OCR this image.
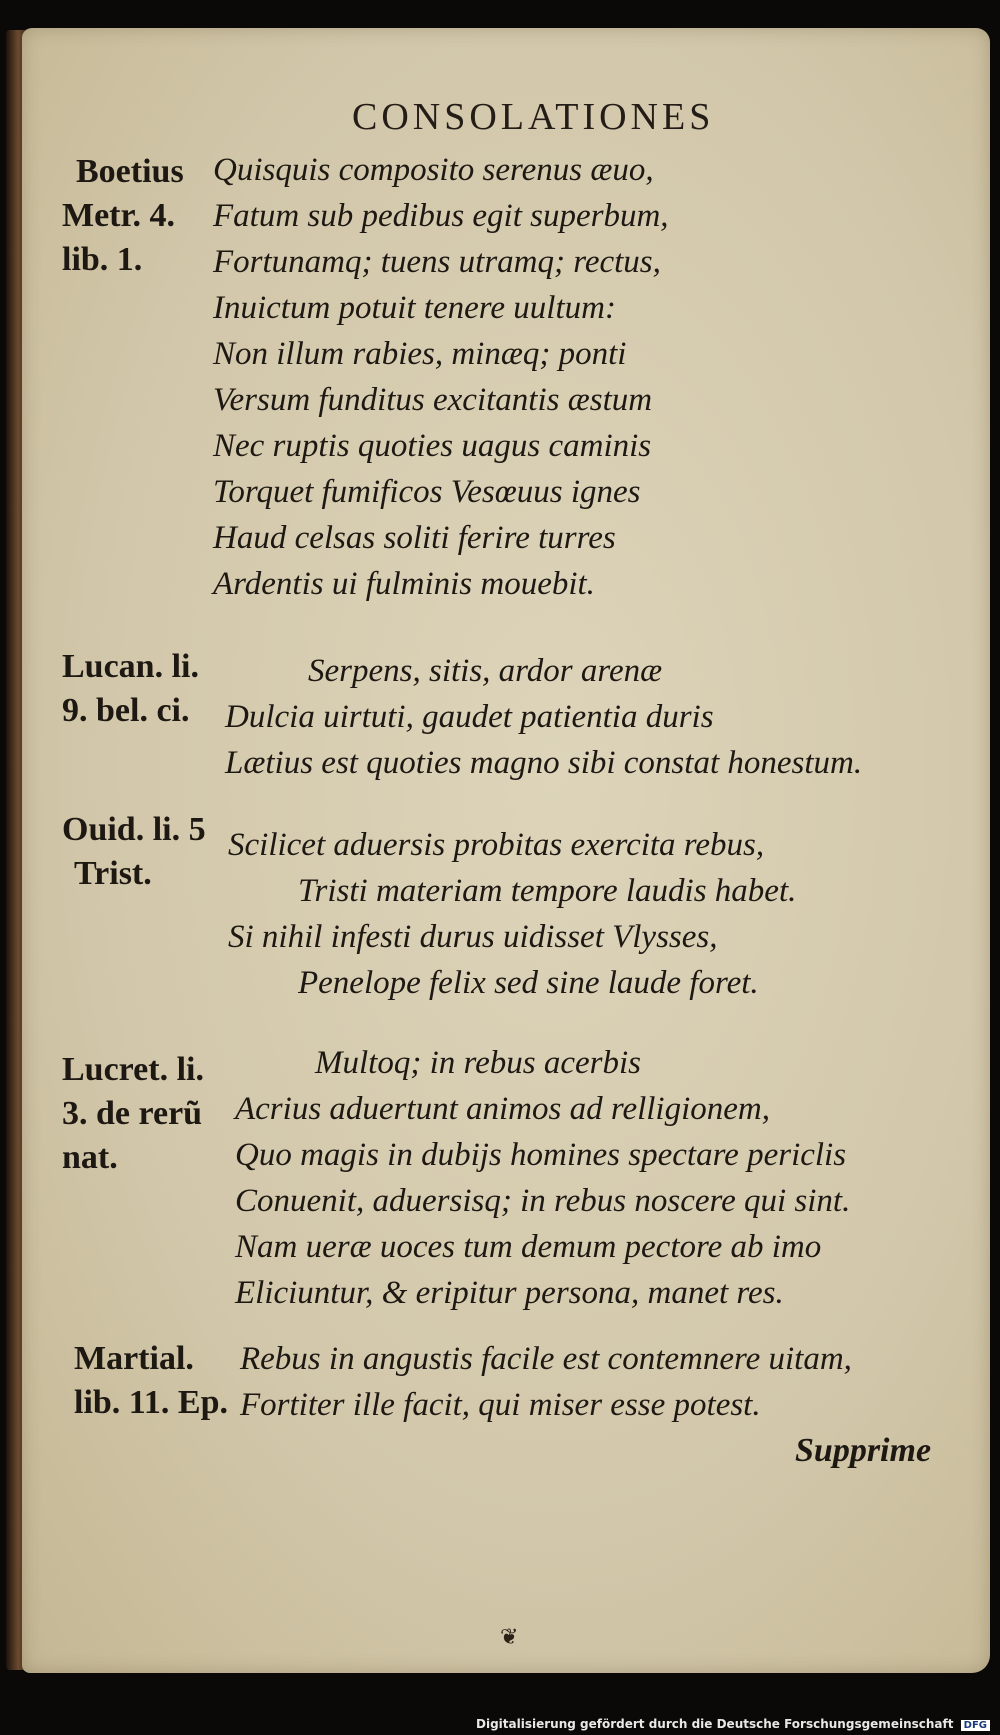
CONSOLATIONES
Boetius
Metr. 4.
lib. 1.
Quisquis composito serenus æuo,
Fatum sub pedibus egit superbum,
Fortunamq; tuens utramq; rectus,
Inuictum potuit tenere uultum:
Non illum rabies, minæq; ponti
Versum funditus excitantis æstum
Nec ruptis quoties uagus caminis
Torquet fumificos Vesœuus ignes
Haud celsas soliti ferire turres
Ardentis ui fulminis mouebit.
Lucan. li.
9. bel. ci.
Serpens, sitis, ardor arenæ
Dulcia uirtuti, gaudet patientia duris
Lætius est quoties magno sibi constat honestum.
Ouid. li. 5
Trist.
Scilicet aduersis probitas exercita rebus,
Tristi materiam tempore laudis habet.
Si nihil infesti durus uidisset Vlysses,
Penelope felix sed sine laude foret.
Lucret. li.
3. de rerũ
nat.
Multoq; in rebus acerbis
Acrius aduertunt animos ad relligionem,
Quo magis in dubijs homines spectare periclis
Conuenit, aduersisq; in rebus noscere qui sint.
Nam ueræ uoces tum demum pectore ab imo
Eliciuntur, & eripitur persona, manet res.
Martial.
lib. 11. Ep.
Rebus in angustis facile est contemnere uitam,
Fortiter ille facit, qui miser esse potest.
Supprime
❦
Digitalisierung gefördert durch die Deutsche Forschungsgemeinschaft DFG
